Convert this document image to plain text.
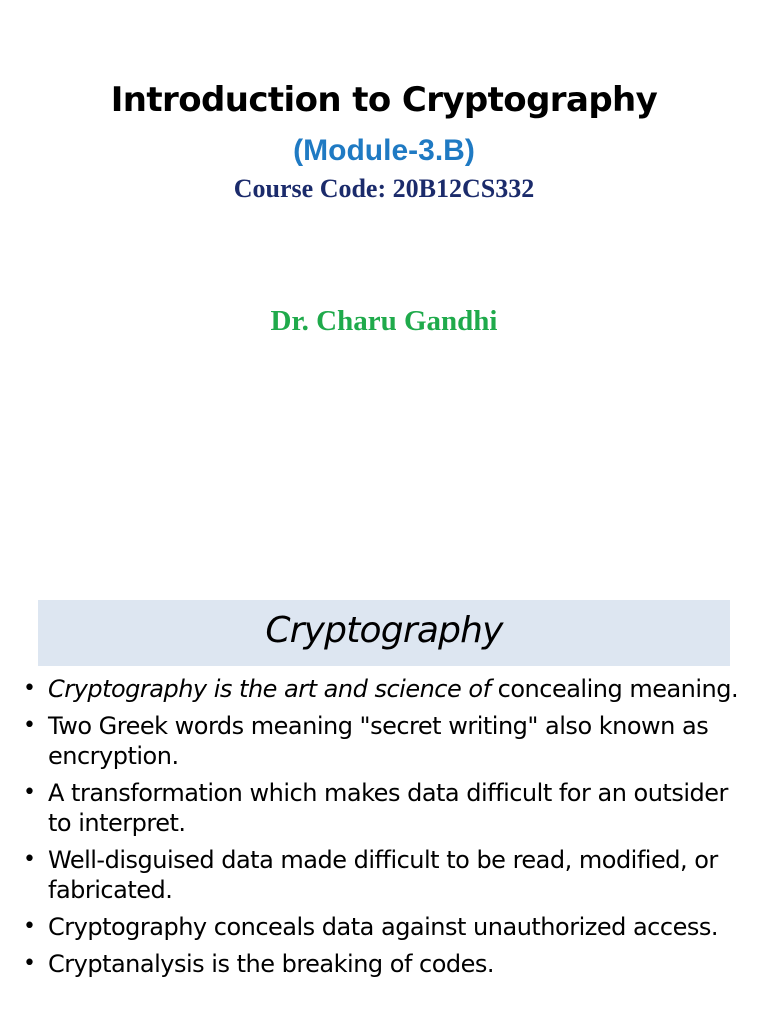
Introduction to Cryptography
(Module-3.B)
Course Code: 20B12CS332
Dr. Charu Gandhi
Cryptography
• Cryptography is the art and science of concealing meaning.
• Two Greek words meaning "secret writing" also known as encryption.
• A transformation which makes data difficult for an outsider to interpret.
• Well-disguised data made difficult to be read, modified, or fabricated.
• Cryptography conceals data against unauthorized access.
• Cryptanalysis is the breaking of codes.
